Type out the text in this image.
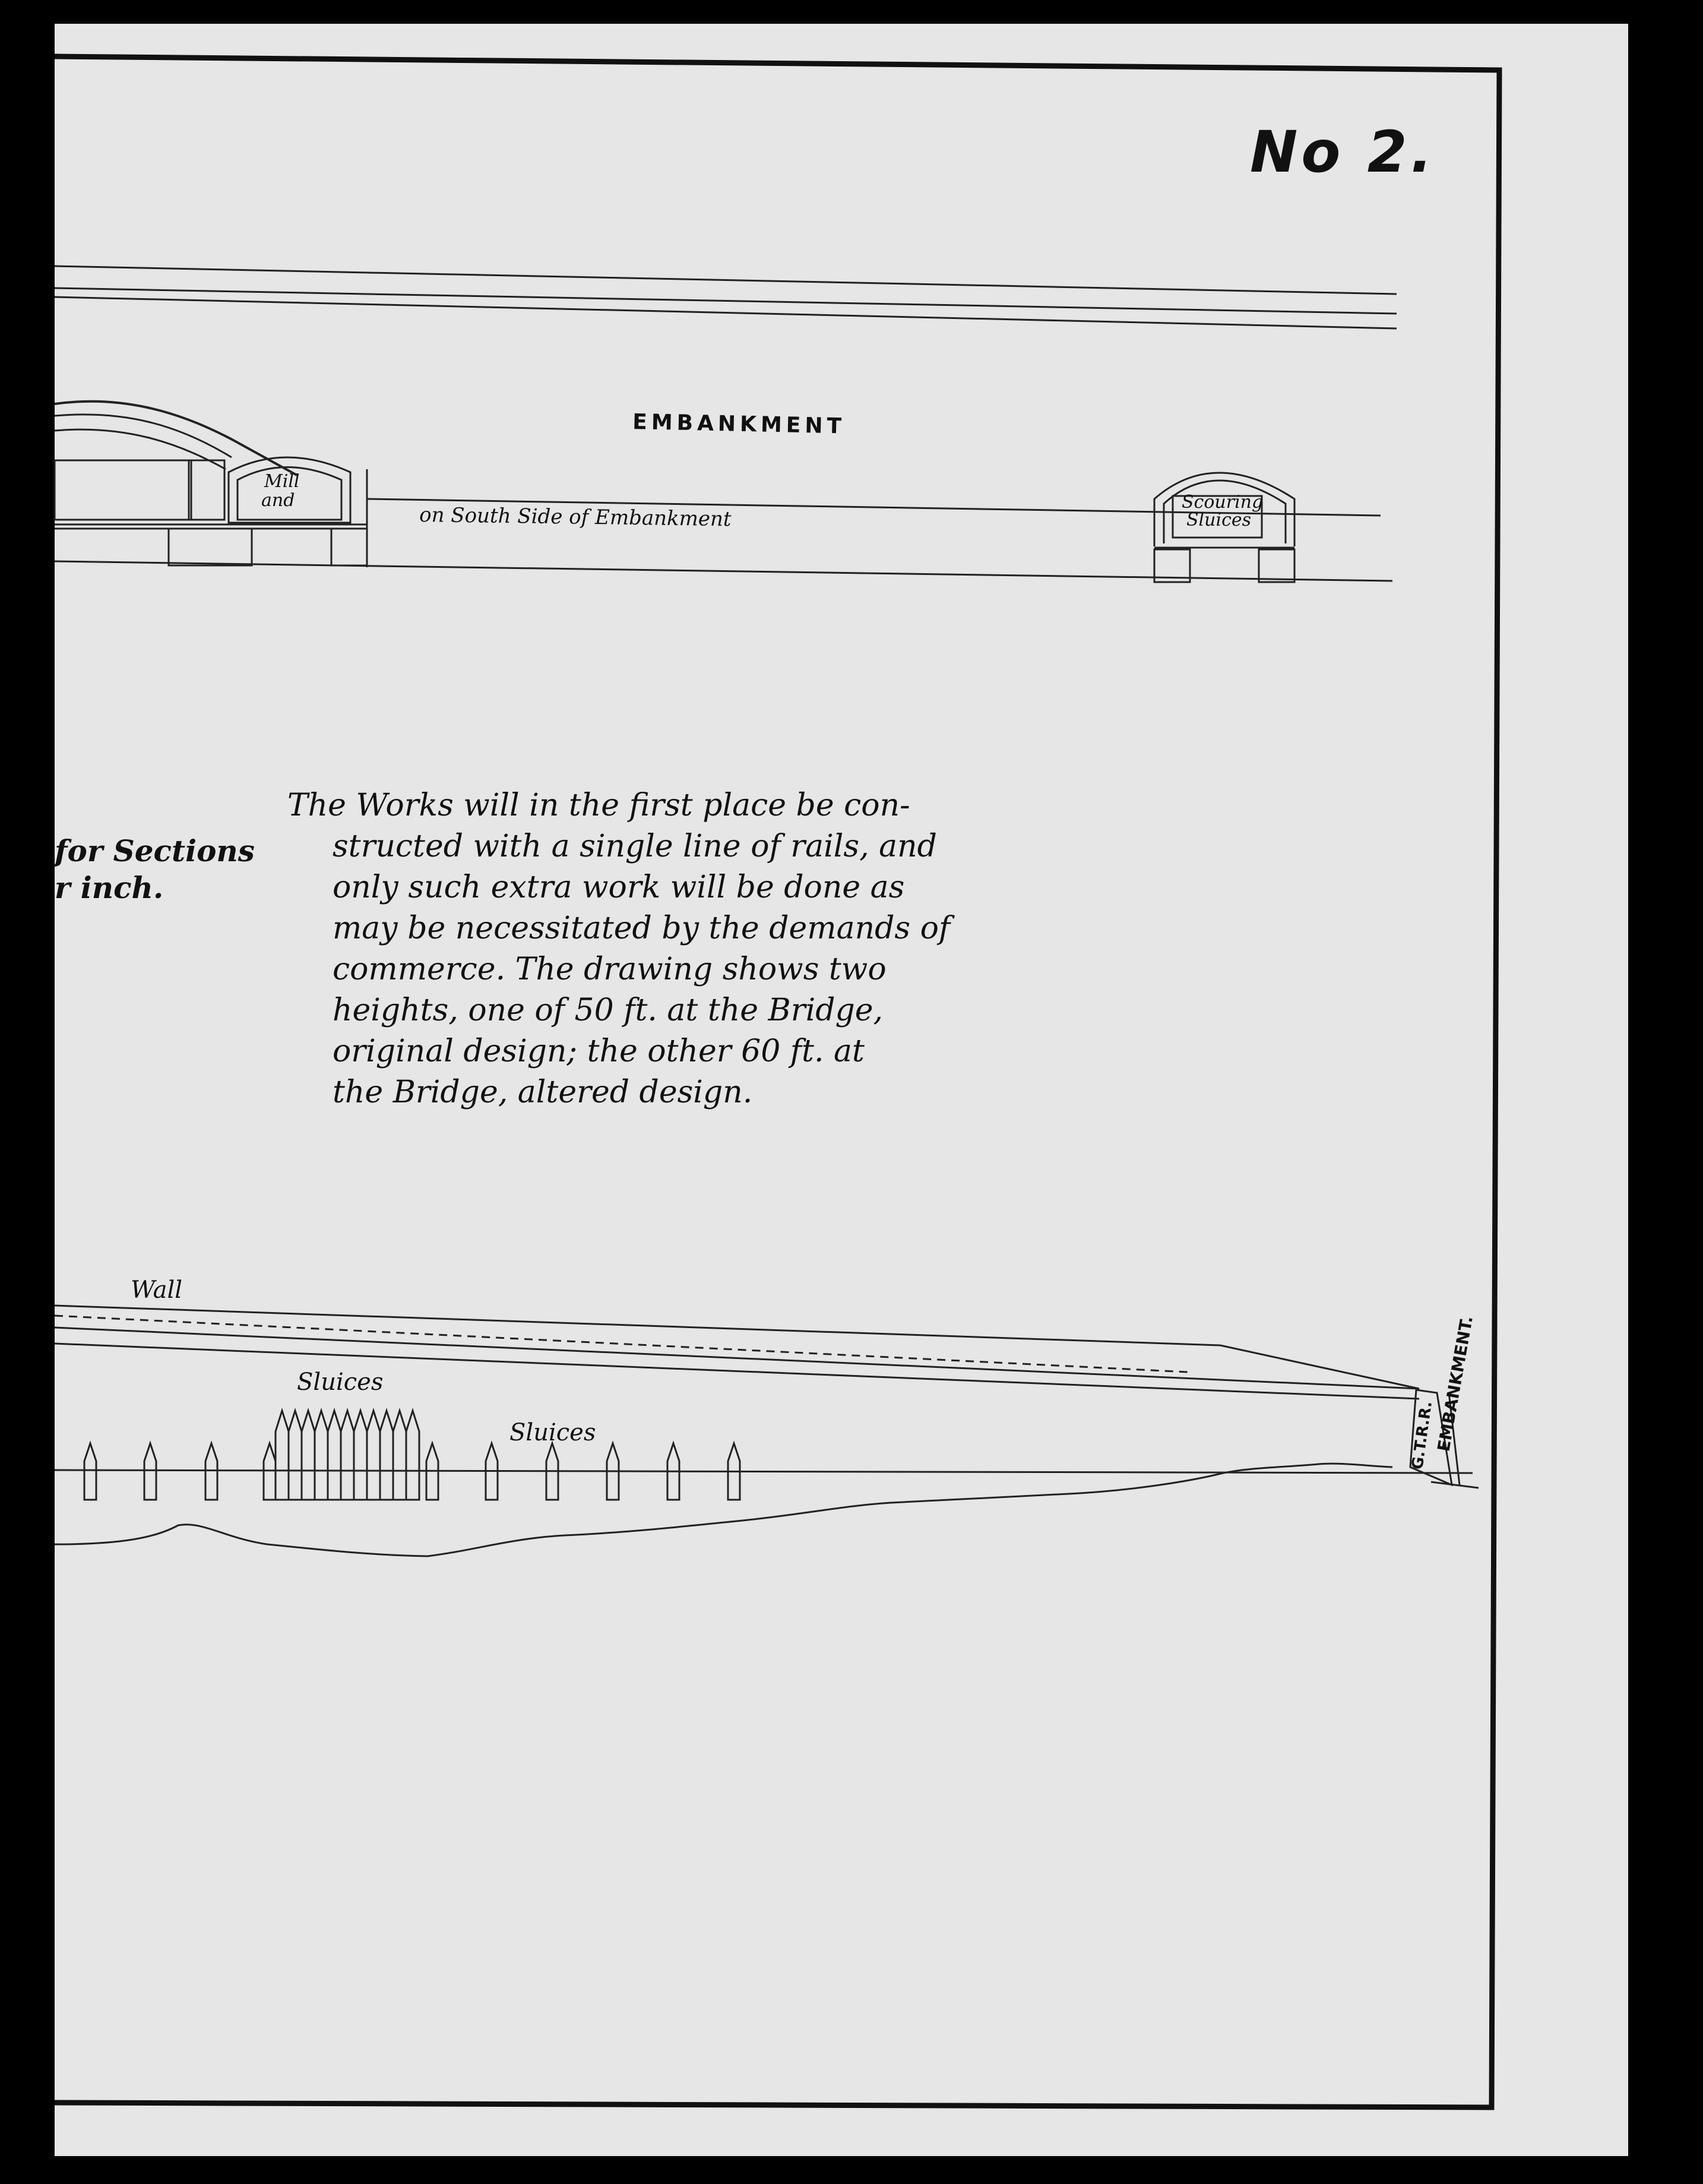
EMBANKMENT
Mill
and
on South Side of Embankment
Scouring
Sluices
Wall
Sluices
Sluices	G.T.R.R.
EMBANKMENT.
No 2.
for Sections
r inch.

The Works will in the first place be con-

structed with a single line of rails, and

only such extra work will be done as

may be necessitated by the demands of

commerce. The drawing shows two

heights, one of 50 ft. at the Bridge,

original design; the other 60 ft. at

the Bridge, altered design.
